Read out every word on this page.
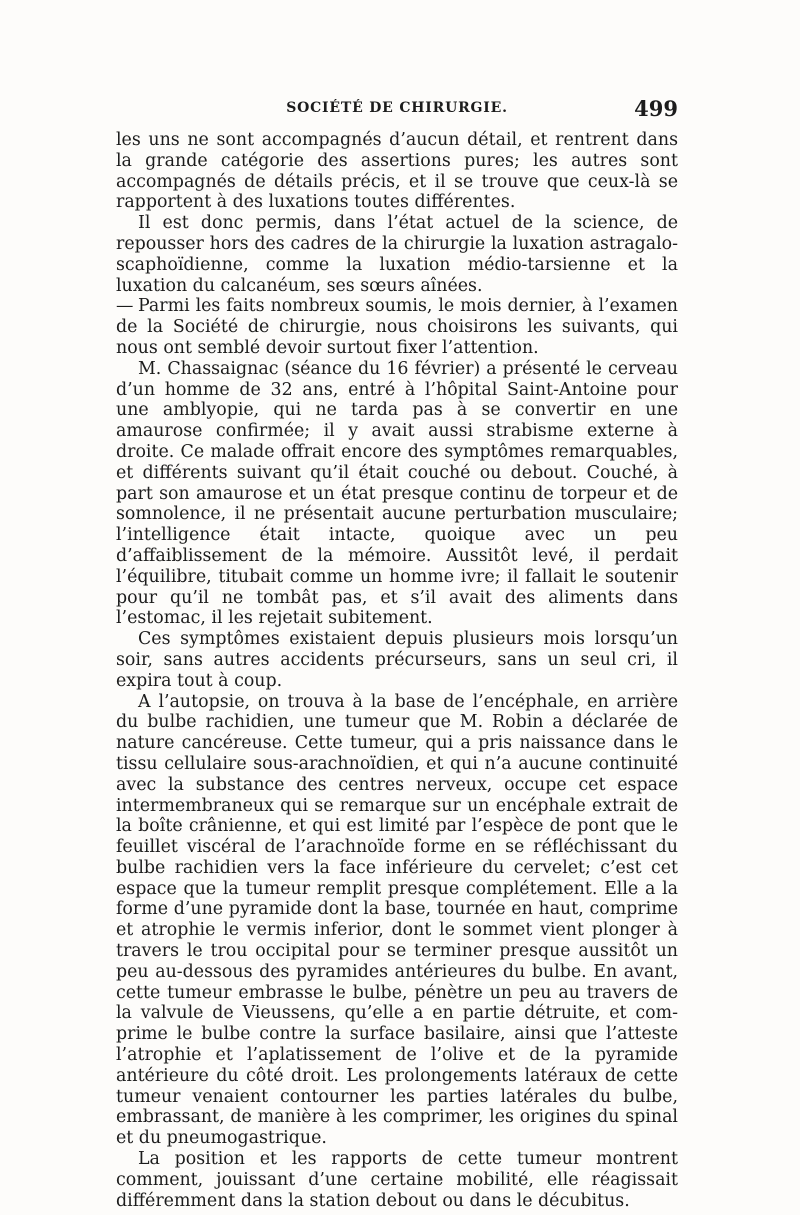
SOCIÉTÉ DE CHIRURGIE.	499

les uns ne sont accompagnés d’aucun détail, et rentrent dans la grande catégorie des assertions pures; les autres sont accompagnés de détails précis, et il se trouve que ceux-là se rapportent à des luxations toutes différentes.

Il est donc permis, dans l’état actuel de la science, de repousser hors des cadres de la chirurgie la luxation astragalo-scaphoïdienne, comme la luxation médio-tarsienne et la luxation du calcanéum, ses sœurs aînées.

— Parmi les faits nombreux soumis, le mois dernier, à l’examen de la Société de chirurgie, nous choisirons les suivants, qui nous ont semblé devoir surtout fixer l’attention.

M. Chassaignac (séance du 16 février) a présenté le cerveau d’un homme de 32 ans, entré à l’hôpital Saint-Antoine pour une amblyopie, qui ne tarda pas à se convertir en une amaurose confirmée; il y avait aussi strabisme externe à droite. Ce malade offrait encore des symptômes remarquables, et différents suivant qu’il était couché ou debout. Couché, à part son amaurose et un état presque continu de torpeur et de somnolence, il ne présentait aucune perturbation musculaire; l’intelligence était intacte, quoique avec un peu d’affaiblissement de la mémoire. Aussitôt levé, il perdait l’équilibre, titubait comme un homme ivre; il fallait le soutenir pour qu’il ne tombât pas, et s’il avait des aliments dans l’estomac, il les rejetait subitement.

Ces symptômes existaient depuis plusieurs mois lorsqu’un soir, sans autres accidents précurseurs, sans un seul cri, il expira tout à coup.

A l’autopsie, on trouva à la base de l’encéphale, en arrière du bulbe rachidien, une tumeur que M. Robin a déclarée de nature cancéreuse. Cette tumeur, qui a pris naissance dans le tissu cellulaire sous-arachnoïdien, et qui n’a aucune continuité avec la substance des centres nerveux, occupe cet espace intermembraneux qui se remarque sur un encéphale extrait de la boîte crânienne, et qui est limité par l’espèce de pont que le feuillet viscéral de l’arachnoïde forme en se réfléchissant du bulbe rachidien vers la face inférieure du cervelet; c’est cet espace que la tumeur remplit presque complétement. Elle a la forme d’une pyramide dont la base, tournée en haut, comprime et atrophie le vermis inferior, dont le sommet vient plonger à travers le trou occipital pour se terminer presque aussitôt un peu au-dessous des pyramides antérieures du bulbe. En avant, cette tumeur embrasse le bulbe, pénètre un peu au travers de la valvule de Vieussens, qu’elle a en partie détruite, et comprime le bulbe contre la surface basilaire, ainsi que l’atteste l’atrophie et l’aplatissement de l’olive et de la pyramide antérieure du côté droit. Les prolongements latéraux de cette tumeur venaient contourner les parties latérales du bulbe, embrassant, de manière à les comprimer, les origines du spinal et du pneumogastrique.

La position et les rapports de cette tumeur montrent comment, jouissant d’une certaine mobilité, elle réagissait différemment dans la station debout ou dans le décubitus.
